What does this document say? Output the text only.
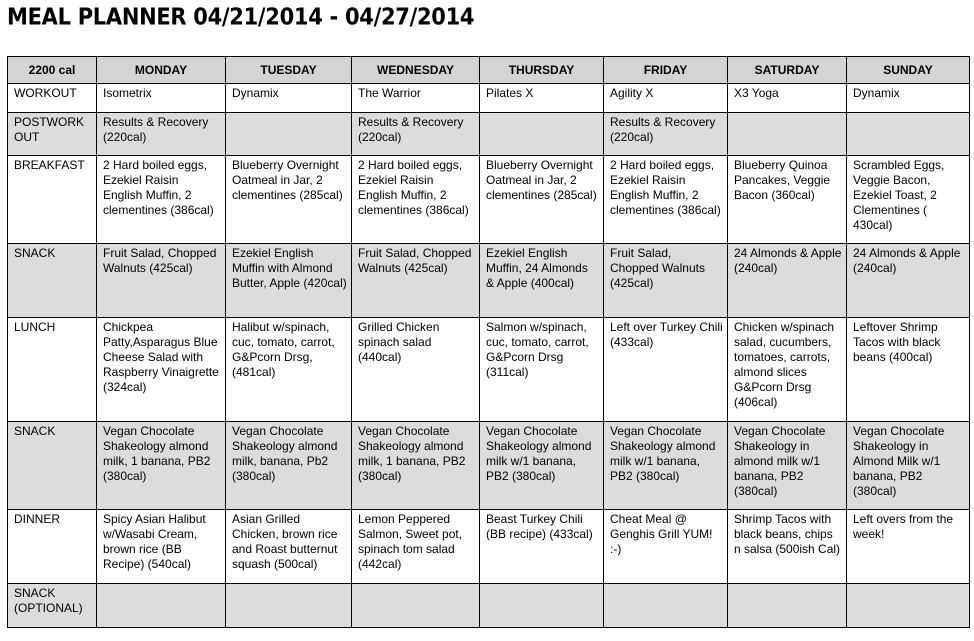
MEAL PLANNER 04/21/2014 - 04/27/2014
2200 cal	MONDAY	TUESDAY	WEDNESDAY	THURSDAY	FRIDAY	SATURDAY	SUNDAY
WORKOUT	Isometrix	Dynamix	The Warrior	Pilates X	Agility X	X3 Yoga	Dynamix
POSTWORK OUT	Results & Recovery (220cal)		Results & Recovery (220cal)		Results & Recovery (220cal)		
BREAKFAST	2 Hard boiled eggs, Ezekiel Raisin English Muffin, 2 clementines (386cal)	Blueberry Overnight Oatmeal in Jar, 2 clementines (285cal)	2 Hard boiled eggs, Ezekiel Raisin English Muffin, 2 clementines (386cal)	Blueberry Overnight Oatmeal in Jar, 2 clementines (285cal)	2 Hard boiled eggs, Ezekiel Raisin English Muffin, 2 clementines (386cal)	Blueberry Quinoa Pancakes, Veggie Bacon (360cal)	Scrambled Eggs, Veggie Bacon, Ezekiel Toast, 2 Clementines ( 430cal)
SNACK	Fruit Salad, Chopped Walnuts (425cal)	Ezekiel English Muffin with Almond Butter, Apple (420cal)	Fruit Salad, Chopped Walnuts (425cal)	Ezekiel English Muffin, 24 Almonds & Apple (400cal)	Fruit Salad, Chopped Walnuts (425cal)	24 Almonds & Apple (240cal)	24 Almonds & Apple (240cal)
LUNCH	Chickpea Patty,Asparagus Blue Cheese Salad with Raspberry Vinaigrette (324cal)	Halibut w/spinach, cuc, tomato, carrot, G&Pcorn Drsg, (481cal)	Grilled Chicken spinach salad (440cal)	Salmon w/spinach, cuc, tomato, carrot, G&Pcorn Drsg (311cal)	Left over Turkey Chili (433cal)	Chicken w/spinach salad, cucumbers, tomatoes, carrots, almond slices G&Pcorn Drsg (406cal)	Leftover Shrimp Tacos with black beans (400cal)
SNACK	Vegan Chocolate Shakeology almond milk, 1 banana, PB2 (380cal)	Vegan Chocolate Shakeology almond milk, banana, Pb2 (380cal)	Vegan Chocolate Shakeology almond milk, 1 banana, PB2 (380cal)	Vegan Chocolate Shakeology almond milk w/1 banana, PB2 (380cal)	Vegan Chocolate Shakeology almond milk w/1 banana, PB2 (380cal)	Vegan Chocolate Shakeology in almond milk w/1 banana, PB2 (380cal)	Vegan Chocolate Shakeology in Almond Milk w/1 banana, PB2 (380cal)
DINNER	Spicy Asian Halibut w/Wasabi Cream, brown rice (BB Recipe) (540cal)	Asian Grilled Chicken, brown rice and Roast butternut squash (500cal)	Lemon Peppered Salmon, Sweet pot, spinach tom salad (442cal)	Beast Turkey Chili (BB recipe) (433cal)	Cheat Meal @ Genghis Grill YUM! :-)	Shrimp Tacos with black beans, chips n salsa (500ish Cal)	Left overs from the week!
SNACK (OPTIONAL)							
